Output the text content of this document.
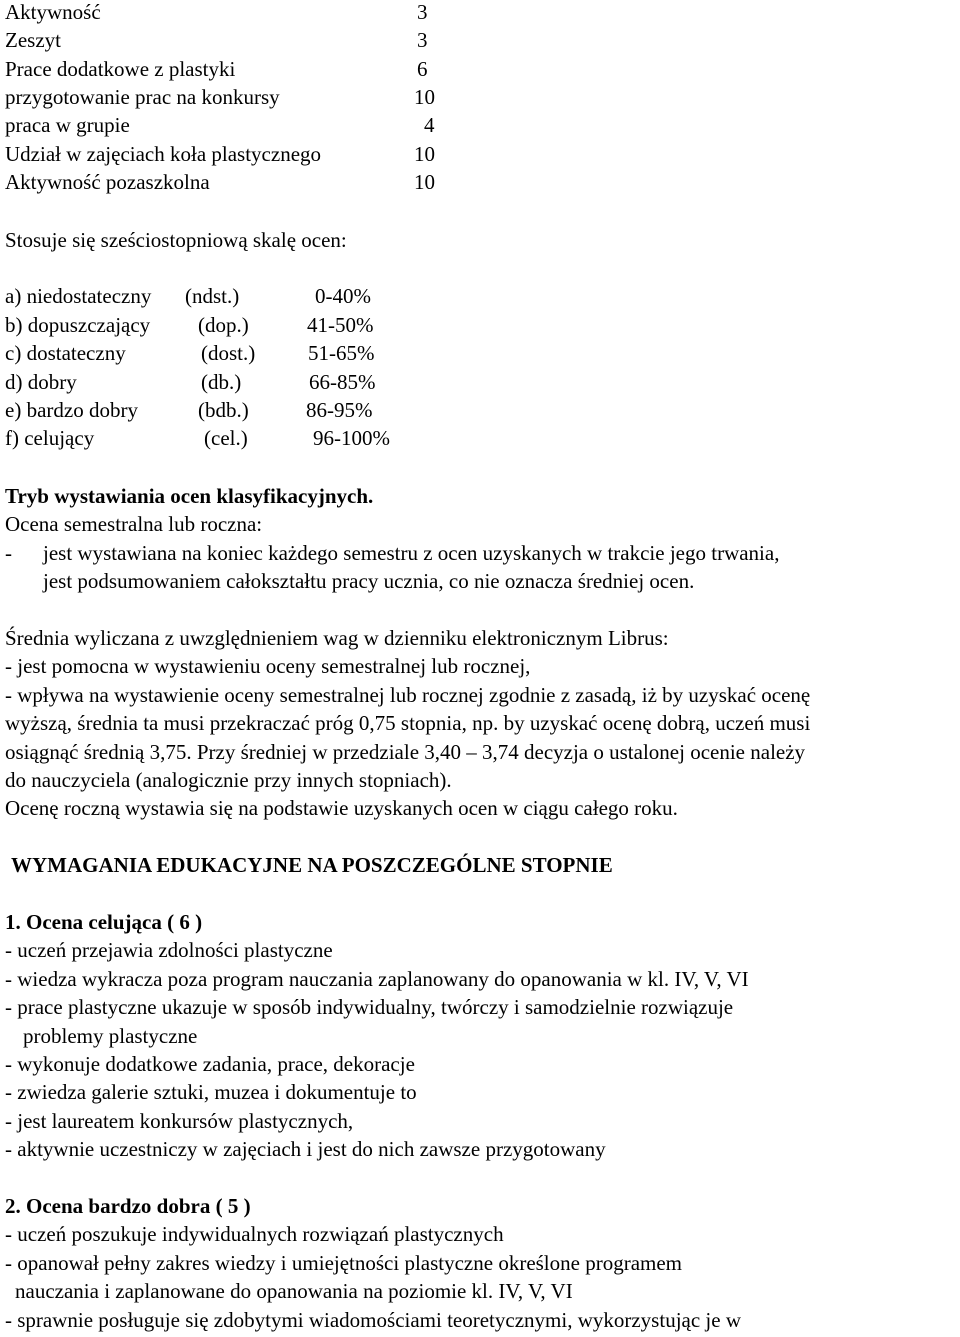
Aktywność	3
Zeszyt	3
Prace dodatkowe z plastyki	6
przygotowanie prac na konkursy	10
praca w grupie	4
Udział w zajęciach koła plastycznego	10
Aktywność pozaszkolna	10
Stosuje się sześciostopniową skalę ocen:
a) niedostateczny (ndst.)	0-40%
b) dopuszczający (dop.)	41-50%
c) dostateczny	(dost.)	51-65%
d) dobry	(db.)	66-85%
e) bardzo dobry	(bdb.)	86-95%
f) celujący	(cel.)	96-100%
Tryb wystawiania ocen klasyfikacyjnych.
Ocena semestralna lub roczna:
- jest wystawiana na koniec każdego semestru z ocen uzyskanych w trakcie jego trwania,
jest podsumowaniem całokształtu pracy ucznia, co nie oznacza średniej ocen.
Średnia wyliczana z uwzględnieniem wag w dzienniku elektronicznym Librus:
- jest pomocna w wystawieniu oceny semestralnej lub rocznej,
- wpływa na wystawienie oceny semestralnej lub rocznej zgodnie z zasadą, iż by uzyskać ocenę
wyższą, średnia ta musi przekraczać próg 0,75 stopnia, np. by uzyskać ocenę dobrą, uczeń musi
osiągnąć średnią 3,75. Przy średniej w przedziale 3,40 – 3,74 decyzja o ustalonej ocenie należy
do nauczyciela (analogicznie przy innych stopniach).
Ocenę roczną wystawia się na podstawie uzyskanych ocen w ciągu całego roku.
WYMAGANIA EDUKACYJNE NA POSZCZEGÓLNE STOPNIE
1. Ocena celująca ( 6 )
- uczeń przejawia zdolności plastyczne
- wiedza wykracza poza program nauczania zaplanowany do opanowania w kl. IV, V, VI
- prace plastyczne ukazuje w sposób indywidualny, twórczy i samodzielnie rozwiązuje
problemy plastyczne
- wykonuje dodatkowe zadania, prace, dekoracje
- zwiedza galerie sztuki, muzea i dokumentuje to
- jest laureatem konkursów plastycznych,
- aktywnie uczestniczy w zajęciach i jest do nich zawsze przygotowany
2. Ocena bardzo dobra ( 5 )
- uczeń poszukuje indywidualnych rozwiązań plastycznych
- opanował pełny zakres wiedzy i umiejętności plastyczne określone programem
nauczania i zaplanowane do opanowania na poziomie kl. IV, V, VI
- sprawnie posługuje się zdobytymi wiadomościami teoretycznymi, wykorzystując je w
